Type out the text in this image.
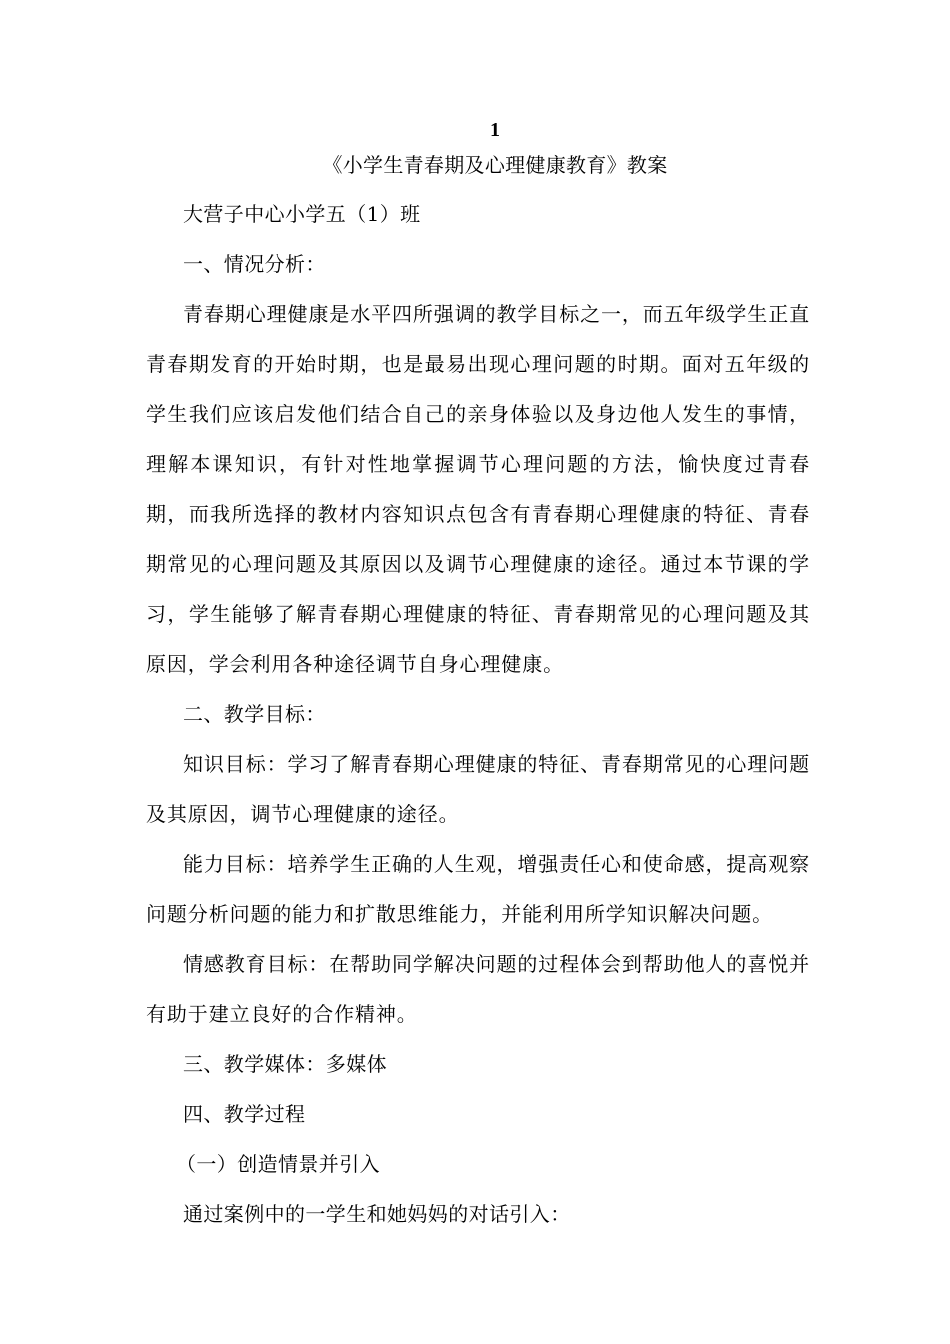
1
《小学生青春期及心理健康教育》教案
大营子中心小学五（1）班
一、情况分析：

青春期心理健康是水平四所强调的教学目标之一，而五年级学生正直青春期发育的开始时期，也是最易出现心理问题的时期。面对五年级的学生我们应该启发他们结合自己的亲身体验以及身边他人发生的事情，理解本课知识，有针对性地掌握调节心理问题的方法，愉快度过青春期，而我所选择的教材内容知识点包含有青春期心理健康的特征、青春期常见的心理问题及其原因以及调节心理健康的途径。通过本节课的学习，学生能够了解青春期心理健康的特征、青春期常见的心理问题及其原因，学会利用各种途径调节自身心理健康。

二、教学目标：

知识目标：学习了解青春期心理健康的特征、青春期常见的心理问题及其原因，调节心理健康的途径。

能力目标：培养学生正确的人生观，增强责任心和使命感，提高观察问题分析问题的能力和扩散思维能力，并能利用所学知识解决问题。

情感教育目标：在帮助同学解决问题的过程体会到帮助他人的喜悦并有助于建立良好的合作精神。

三、教学媒体：多媒体
四、教学过程
（一）创造情景并引入
通过案例中的一学生和她妈妈的对话引入：
